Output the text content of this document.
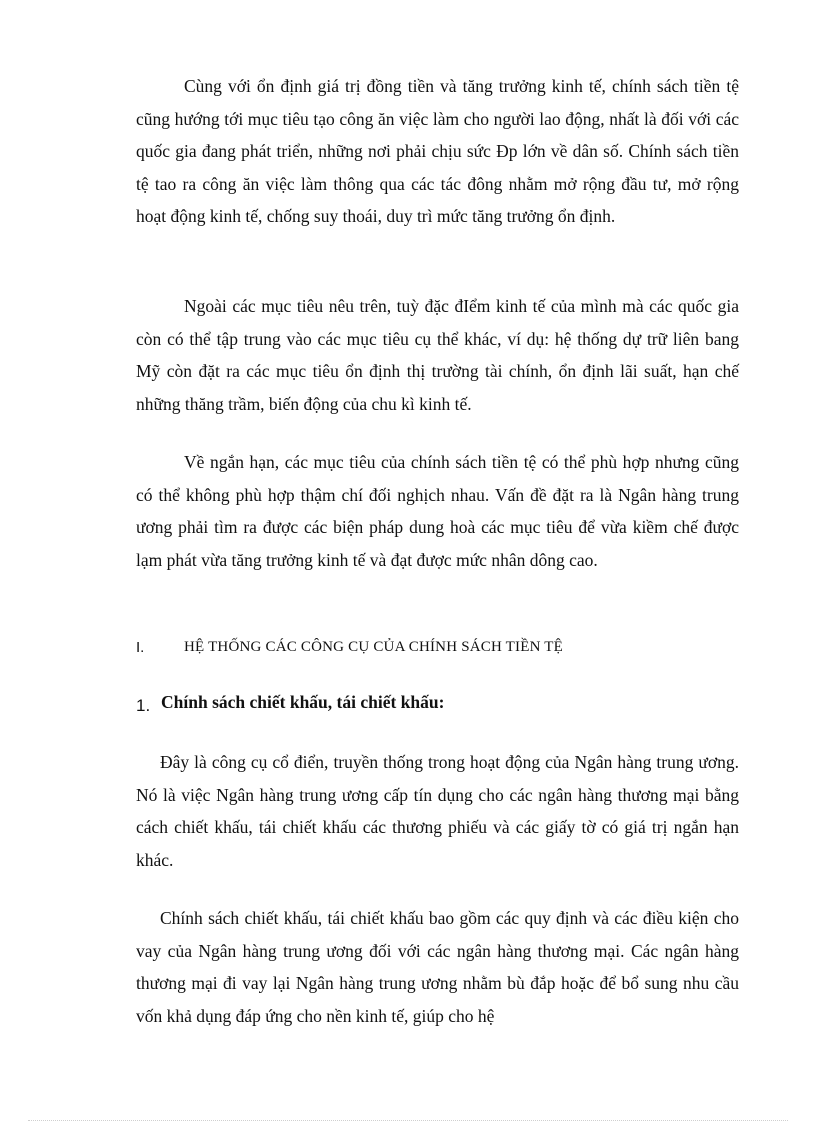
Cùng với ổn định giá trị đồng tiền và tăng trưởng kinh tế, chính sách tiền tệ cũng hướng tới mục tiêu tạo công ăn việc làm cho người lao động, nhất là đối với các quốc gia đang phát triển, những nơi phải chịu sức Đp lớn về dân số. Chính sách tiền tệ tao ra công ăn việc làm thông qua các tác đông nhằm mở rộng đầu tư, mở rộng hoạt động kinh tế, chống suy thoái, duy trì mức tăng trưởng ổn định.

Ngoài các mục tiêu nêu trên, tuỳ đặc đIểm kinh tế của mình mà các quốc gia còn có thể tập trung vào các mục tiêu cụ thể khác, ví dụ: hệ thống dự trữ liên bang Mỹ còn đặt ra các mục tiêu ổn định thị trường tài chính, ổn định lãi suất, hạn chế những thăng trầm, biến động của chu kì kinh tế.

Về ngắn hạn, các mục tiêu của chính sách tiền tệ có thể phù hợp nhưng cũng có thể không phù hợp thậm chí đối nghịch nhau. Vấn đề đặt ra là Ngân hàng trung ương phải tìm ra được các biện pháp dung hoà các mục tiêu để vừa kiềm chế được lạm phát vừa tăng trưởng kinh tế và đạt được mức nhân dông cao.

I.	HỆ THỐNG CÁC CÔNG CỤ CỦA CHÍNH SÁCH TIỀN TỆ
1. Chính sách chiết khấu, tái chiết khấu:

Đây là công cụ cổ điển, truyền thống trong hoạt động của Ngân hàng trung ương. Nó là việc Ngân hàng trung ương cấp tín dụng cho các ngân hàng thương mại bằng cách chiết khấu, tái chiết khấu các thương phiếu và các giấy tờ có giá trị ngắn hạn khác.

Chính sách chiết khấu, tái chiết khấu bao gồm các quy định và các điều kiện cho vay của Ngân hàng trung ương đối với các ngân hàng thương mại. Các ngân hàng thương mại đi vay lại Ngân hàng trung ương nhằm bù đắp hoặc để bổ sung nhu cầu vốn khả dụng đáp ứng cho nền kinh tế, giúp cho hệ
